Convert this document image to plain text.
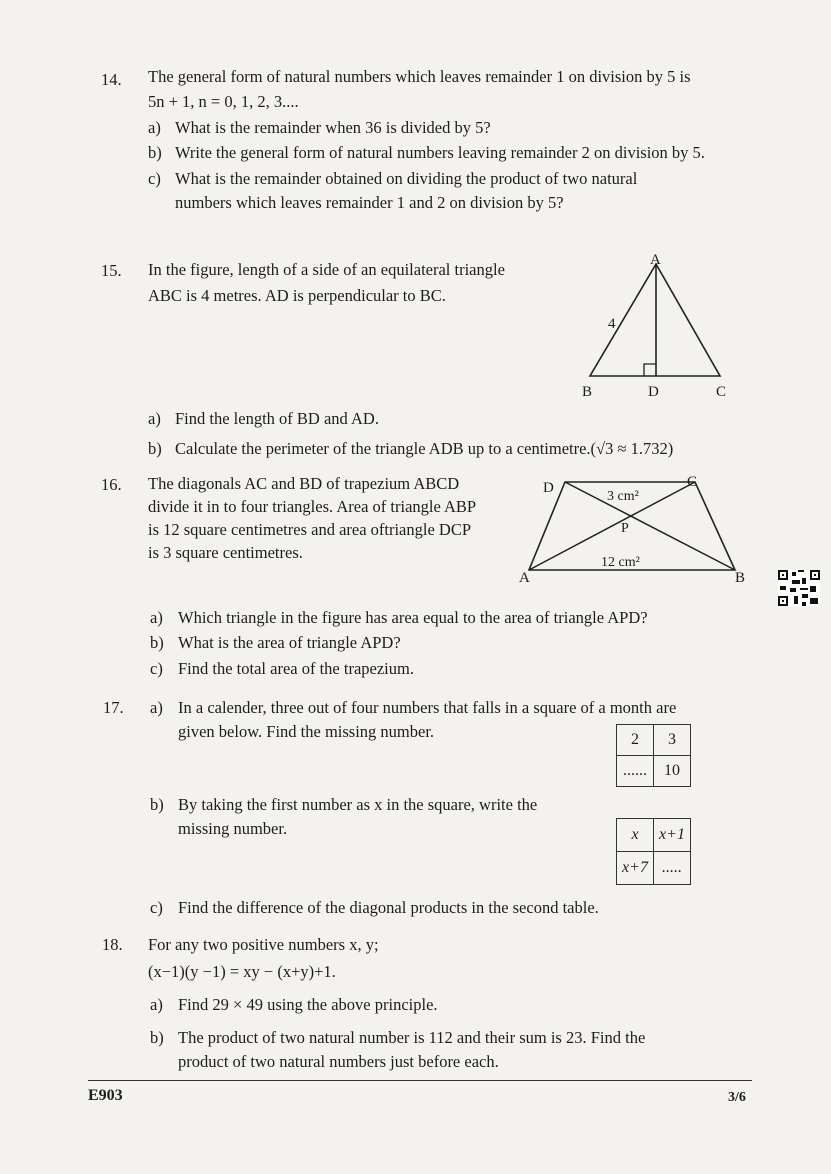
14. The general form of natural numbers which leaves remainder 1 on division by 5 is
5n + 1, n = 0, 1, 2, 3....
a) What is the remainder when 36 is divided by 5?
b) Write the general form of natural numbers leaving remainder 2 on division by 5.
c) What is the remainder obtained on dividing the product of two natural
numbers which leaves remainder 1 and 2 on division by 5?
15. In the figure, length of a side of an equilateral triangle
ABC is 4 metres. AD is perpendicular to BC.
A
B	C
D
4
a) Find the length of BD and AD.
b) Calculate the perimeter of the triangle ADB up to a centimetre.(√3 ≈ 1.732)
16. The diagonals AC and BD of trapezium ABCD
divide it in to four triangles. Area of triangle ABP
is 12 square centimetres and area oftriangle DCP
is 3 square centimetres.
D	C
A	B
P
3 cm²
12 cm²
a) Which triangle in the figure has area equal to the area of triangle APD?
b) What is the area of triangle APD?
c) Find the total area of the trapezium.
17. a) In a calender, three out of four numbers that falls in a square of a month are
given below. Find the missing number.	2	3
......	10
b) By taking the first number as x in the square, write the
missing number.	x	x+1
x+7	.....
c) Find the difference of the diagonal products in the second table.
18. For any two positive numbers x, y;
(x−1)(y −1) = xy − (x+y)+1.
a) Find 29 × 49 using the above principle.
b) The product of two natural number is 112 and their sum is 23. Find the
product of two natural numbers just before each.
E903	3/6
